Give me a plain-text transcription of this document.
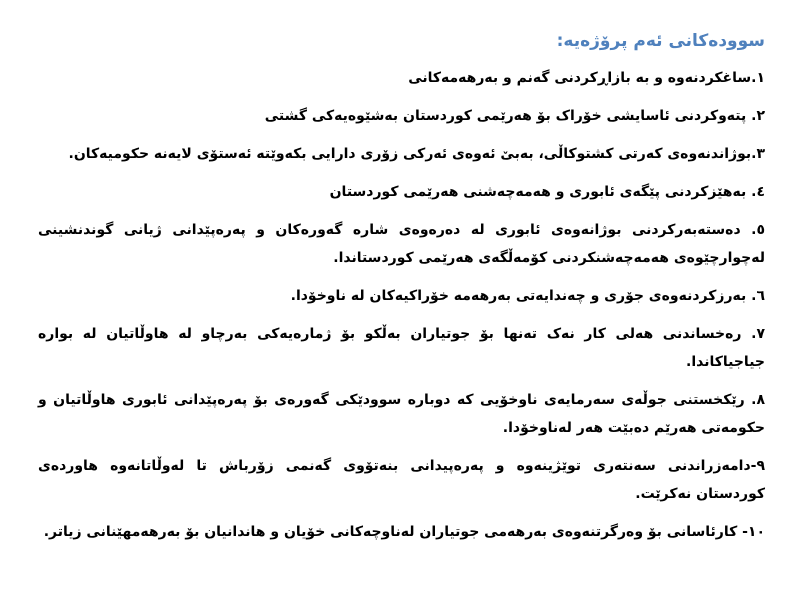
سوودەکانی ئەم پرۆژەیە:
١.ساغکردنەوە و بە بازاڕکردنی گەنم و بەرهەمەکانی
٢. پتەوکردنی ئاسایشی خۆراک بۆ هەرێمی کوردستان بەشێوەیەکی گشتی
٣.بوژاندنەوەی کەرتی کشتوکاڵی، بەبێ ئەوەی ئەرکی زۆری دارایی بکەوێتە ئەستۆی لایەنە حکومیەکان.
٤. بەهێزکردنی پێگەی ئابوری و هەمەچەشنی هەرێمی کوردستان
٥. دەستەبەرکردنی بوژانەوەی ئابوری لە دەرەوەی شارە گەورەکان و پەرەپێدانی ژیانی گوندنشینی لەچوارچێوەی هەمەچەشنکردنی کۆمەڵگەی هەرێمی کوردستاندا.
٦. بەرزکردنەوەی جۆری و چەندایەتی بەرهەمە خۆراکیەکان لە ناوخۆدا.
٧. رەخساندنی هەلی کار نەک تەنها بۆ جوتیاران بەڵکو بۆ ژمارەیەکی بەرچاو لە هاوڵاتیان لە بوارە جیاجیاکاندا.
٨. رێکخستنی جوڵەی سەرمایەی ناوخۆیی کە دوبارە سوودێکی گەورەی بۆ پەرەپێدانی ئابوری هاوڵاتیان و حکومەتی هەرێم دەبێت هەر لەناوخۆدا.
٩-دامەزراندنی سەنتەری توێژینەوە و پەرەپیدانی بنەتۆوی گەنمی زۆرباش تا لەوڵاتانەوە هاوردەی کوردستان نەکرێت.
١٠- کارئاسانی بۆ وەرگرتنەوەی بەرهەمی جوتیاران لەناوچەکانی خۆیان و هاندانیان بۆ بەرهەمهێنانی زیاتر.
